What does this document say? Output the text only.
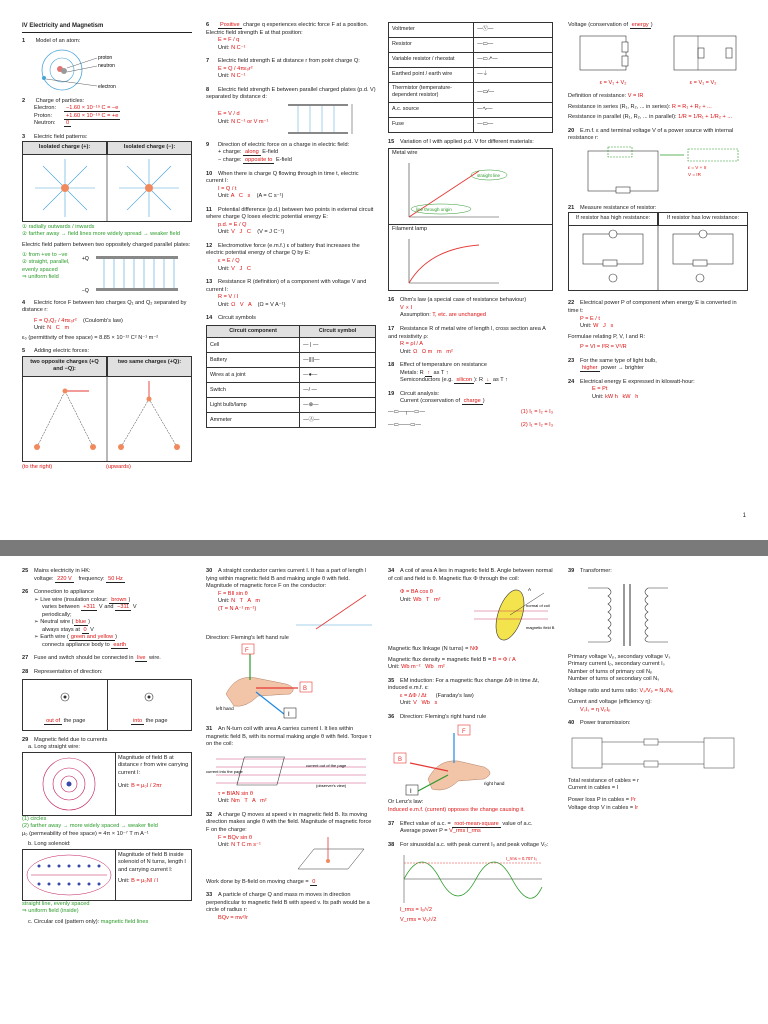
IV Electricity and Magnetism
1 Model of an atom:
proton
neutron
electron
2 Charge of particles:
Electron: −1.60 × 10⁻¹⁹ C = −e
Proton: +1.60 × 10⁻¹⁹ C = +e
Neutron: 0
3 Electric field patterns:
Isolated charge (+):	Isolated charge (−):
① radially outwards / inwards
② farther away → field lines more widely spread → weaker field
Electric field pattern between two oppositely charged parallel plates:
① from +ve to −ve
② straight, parallel, evenly spaced
⇒ uniform field
+Q
−Q
4 Electric force F between two charges Q₁ and Q₂ separated by distance r:
F = Q₁Q₂ / 4πε₀r² (Coulomb's law)
Unit: N   C   m
ε₀ (permittivity of free space) = 8.85 × 10⁻¹² C² N⁻¹ m⁻²
5 Adding electric forces:
two opposite charges (+Q and −Q):
two same charges (+Q):
(to the right)	(upwards)
6 Positive charge q experiences electric force F at a position. Electric field strength E at that position:
E = F / q
Unit: N C⁻¹
7 Electric field strength E at distance r from point charge Q:
E = Q / 4πε₀r²
Unit: N C⁻¹
8 Electric field strength E between parallel charged plates (p.d. V) separated by distance d:
E = V / d
Unit: N C⁻¹ or V m⁻¹
9 Direction of electric force on a charge in electric field:
+ charge: along E-field
− charge: opposite to E-field
10 When there is charge Q flowing through in time t, electric current I:
I = Q / t
Unit: A   C   s (A = C s⁻¹)
11 Potential difference (p.d.) between two points in external circuit where charge Q loses electric potential energy E:
p.d. = E / Q
Unit: V   J   C (V = J C⁻¹)
12 Electromotive force (e.m.f.) ε of battery that increases the electric potential energy of charge Q by E:
ε = E / Q
Unit: V   J   C
13 Resistance R (definition) of a component with voltage V and current I:
R = V / I
Unit: Ω   V   A (Ω = V A⁻¹)
14 Circuit symbols
Circuit component	Circuit symbol
Cell	— | —
Battery	—||||—
Wires at a joint	—●—
Switch	—/ —
Light bulb/lamp	—⊗—
Ammeter	—Ⓐ—
Voltmeter	—Ⓥ—
Resistor	—▭—
Variable resistor / rheostat	—▭↗—
Earthed point / earth wire	—⏚
Thermistor (temperature-dependent resistor)	—▭⁄—
A.c. source	—∿—
Fuse	—▭—
15 Variation of I with applied p.d. V for different materials:
Metal wire
straight line
line through origin
Filament lamp
16 Ohm's law (a special case of resistance behaviour)
V ∝ I
Assumption: T, etc. are unchanged
17 Resistance R of metal wire of length l, cross section area A and resistivity ρ:
R = ρl / A
Unit: Ω   Ω m   m   m²
18 Effect of temperature on resistance
Metals: R ↑ as T ↑
Semiconductors (e.g. silicon ): R ↓ as T ↑
19 Circuit analysis:
Current (conservation of charge )
—▭—┬—▭—	(1) I₁ = I₂ + I₃
—▭——▭—	(2) I₁ = I₂ = I₃
Voltage (conservation of energy )
ε = V₁ + V₂	ε = V₁ = V₂
Definition of resistance: V = IR
Resistance in series (R₁, R₂, ... in series): R = R₁ + R₂ + ...
Resistance in parallel (R₁, R₂, ... in parallel): 1/R = 1/R₁ + 1/R₂ + ...
20 E.m.f. ε and terminal voltage V of a power source with internal resistance r:
ε = V + Ir
V = IR
21 Measure resistance of resistor:
If resistor has high resistance:	If resistor has low resistance:
22 Electrical power P of component when energy E is converted in time t:
P = E / t
Unit: W   J   s
Formulae relating P, V, I and R:
P = VI = I²R = V²/R
23 For the same type of light bulb,
higher power → brighter
24 Electrical energy E expressed in kilowatt-hour:
E = Pt
Unit: kW h   kW   h
1
25 Mains electricity in HK:
voltage: 220 V frequency: 50 Hz
26 Connection to appliance
➢ Live wire (insulation colour: brown )
varies between +311 V and −311 V
periodically;
➢ Neutral wire ( blue )
always stays at 0 V
➢ Earth wire ( green and yellow )
connects appliance body to earth
27 Fuse and switch should be connected in live wire.
28 Representation of direction:
out of the page	into the page
29 Magnetic field due to currents
a. Long straight wire:
Magnitude of field B at distance r from wire carrying current I:
Unit: B = μ₀I / 2πr
(1) circles
(2) farther away → more widely spaced → weaker field
μ₀ (permeability of free space) = 4π × 10⁻⁷ T m A⁻¹
b. Long solenoid:
Magnitude of field B inside solenoid of N turns, length l and carrying current I:
Unit: B = μ₀NI / l
straight line, evenly spaced
⇒ uniform field (inside)
c. Circular coil (pattern only): magnetic field lines
30 A straight conductor carries current I. It has a part of length l lying within magnetic field B and making angle θ with field. Magnitude of magnetic force F on the conductor:
F = BIl sin θ
Unit: N   T   A   m
(T = N A⁻¹ m⁻¹)
Direction: Fleming's left hand rule
F
B
I
left hand
31 An N-turn coil with area A carries current I. It lies within magnetic field B, with its normal making angle θ with field. Torque τ on the coil:
current into the page
current out of the page
(observer's view)
τ = BIAN sin θ
Unit: Nm   T   A   m²
32 A charge Q moves at speed v in magnetic field B. Its moving direction makes angle θ with the field. Magnitude of magnetic force F on the charge:
F = BQv sin θ
Unit: N T C m s⁻¹
Work done by B-field on moving charge = 0
33 A particle of charge Q and mass m moves in direction perpendicular to magnetic field B with speed v. Its path would be a circle of radius r:
BQv = mv²/r
34 A coil of area A lies in magnetic field B. Angle between normal of coil and field is θ. Magnetic flux Φ through the coil:
Φ = BA cos θ
Unit: Wb   T   m²
A
normal of coil
magnetic field B
Magnetic flux linkage (N turns) = NΦ
Magnetic flux density = magnetic field B = B = Φ / A
Unit: Wb m⁻²   Wb   m²
35 EM induction: For a magnetic flux change ΔΦ in time Δt, induced e.m.f. ε:
ε = ΔΦ / Δt (Faraday's law)
Unit: V   Wb   s
36 Direction: Fleming's right hand rule
F
B
I
right hand
Or Lenz's law:
Induced e.m.f. (current) opposes the change causing it.
37 Effect value of a.c. = root-mean-square value of a.c.
Average power P = V_rms I_rms
38 For sinusoidal a.c. with peak current I₀ and peak voltage V₀:
I_rms ≈ 0.707 I₀
I_rms = I₀/√2
V_rms = V₀/√2
39 Transformer:
Primary voltage Vₚ, secondary voltage Vₛ
Primary current Iₚ, secondary current Iₛ
Number of turns of primary coil Nₚ
Number of turns of secondary coil Nₛ
Voltage ratio and turns ratio: Vₛ/Vₚ = Nₛ/Nₚ
Current and voltage (efficiency η):
VₛIₛ = η VₚIₚ
40 Power transmission:
Total resistance of cables = r
Current in cables = I
Power loss P in cables = I²r
Voltage drop V in cables = Ir
